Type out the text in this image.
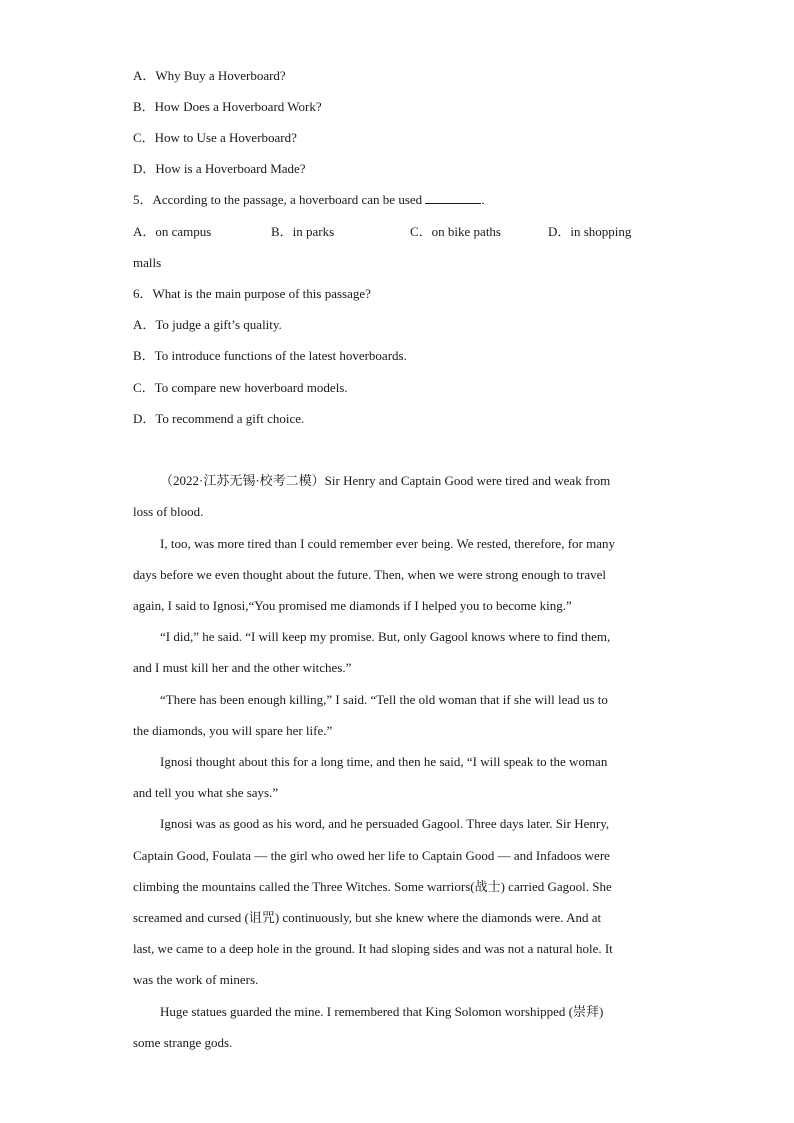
A．Why Buy a Hoverboard?
B．How Does a Hoverboard Work?
C．How to Use a Hoverboard?
D．How is a Hoverboard Made?
5．According to the passage, a hoverboard can be used	.
A．on campus	B．in parks	C．on bike paths	D．in shopping
malls
6．What is the main purpose of this passage?
A．To judge a gift’s quality.
B．To introduce functions of the latest hoverboards.
C．To compare new hoverboard models.
D．To recommend a gift choice.
（2022·江苏无锡·校考二模）Sir Henry and Captain Good were tired and weak from
loss of blood.
I, too, was more tired than I could remember ever being. We rested, therefore, for many
days before we even thought about the future. Then, when we were strong enough to travel
again, I said to Ignosi,“You promised me diamonds if I helped you to become king.”
“I did,” he said. “I will keep my promise. But, only Gagool knows where to find them,
and I must kill her and the other witches.”
“There has been enough killing,” I said. “Tell the old woman that if she will lead us to
the diamonds, you will spare her life.”
Ignosi thought about this for a long time, and then he said, “I will speak to the woman
and tell you what she says.”
Ignosi was as good as his word, and he persuaded Gagool. Three days later. Sir Henry,
Captain Good, Foulata — the girl who owed her life to Captain Good — and Infadoos were
climbing the mountains called the Three Witches. Some warriors(战士) carried Gagool. She
screamed and cursed (诅咒) continuously, but she knew where the diamonds were. And at
last, we came to a deep hole in the ground. It had sloping sides and was not a natural hole. It
was the work of miners.
Huge statues guarded the mine. I remembered that King Solomon worshipped (崇拜)
some strange gods.
